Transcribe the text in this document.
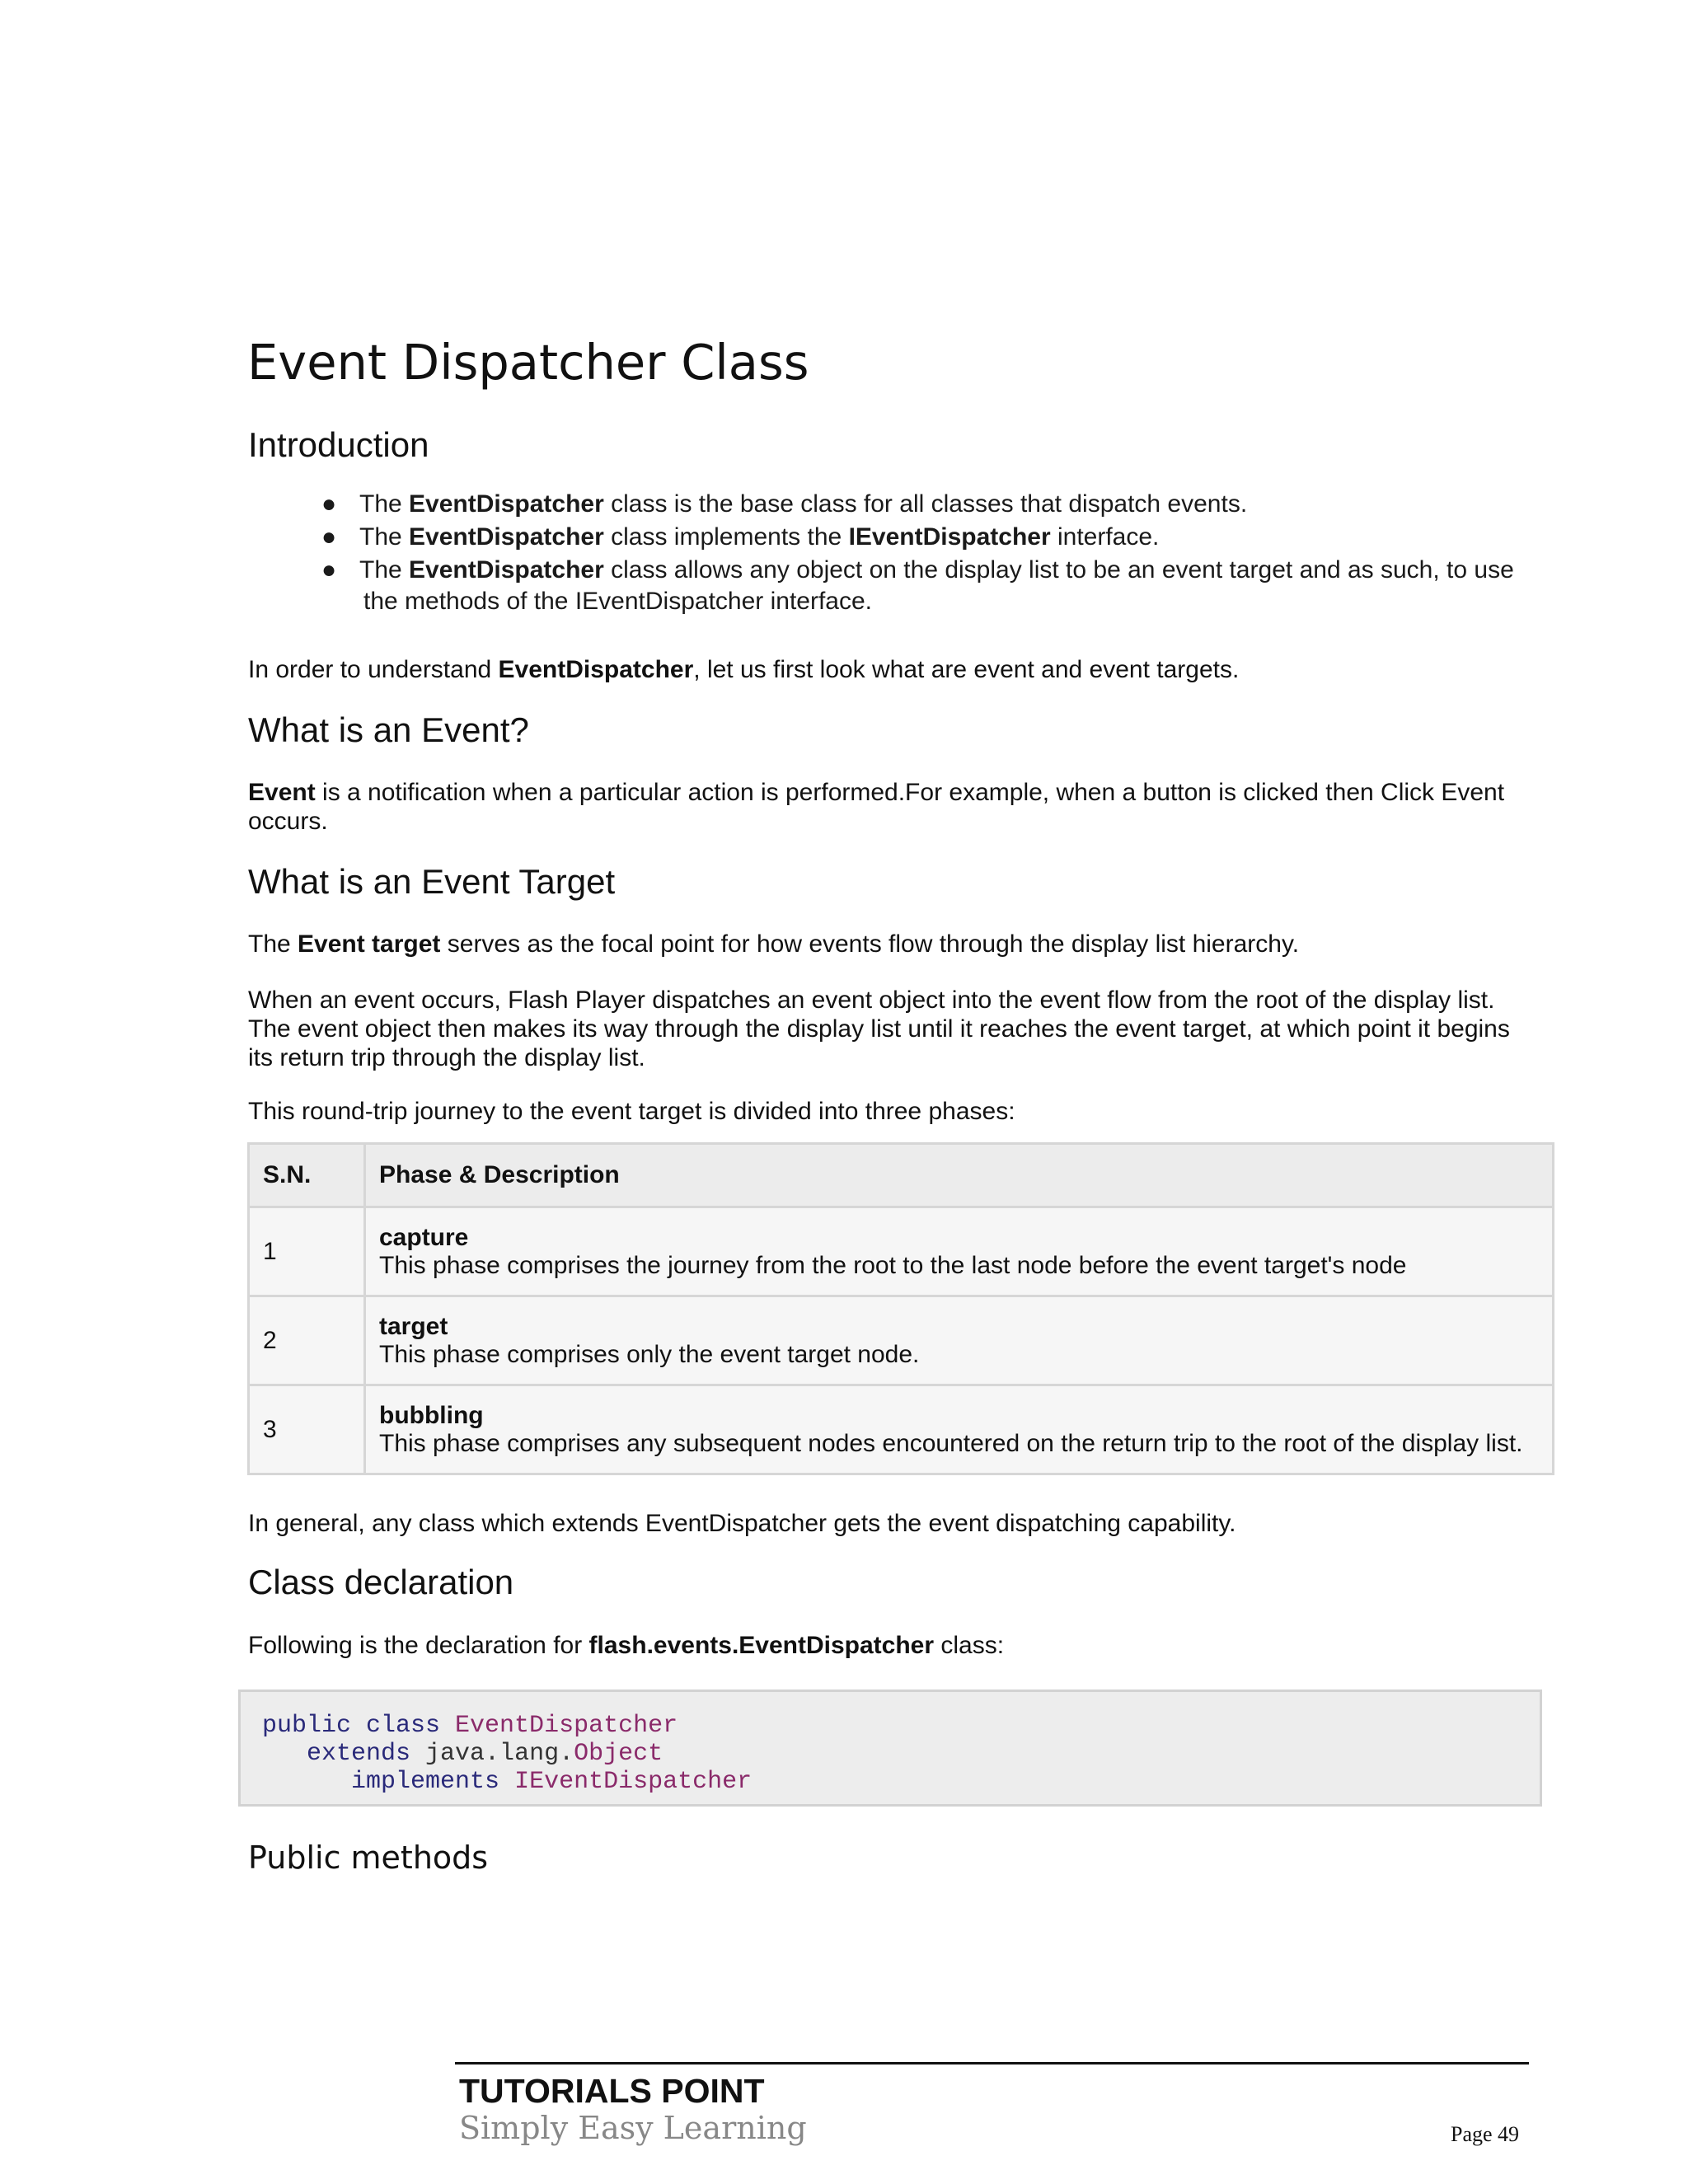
Event Dispatcher Class
Introduction
● The EventDispatcher class is the base class for all classes that dispatch events.
● The EventDispatcher class implements the IEventDispatcher interface.
● The EventDispatcher class allows any object on the display list to be an event target and as such, to use
the methods of the IEventDispatcher interface.

In order to understand EventDispatcher, let us first look what are event and event targets.

What is an Event?

Event is a notification when a particular action is performed.For example, when a button is clicked then Click Event occurs.

What is an Event Target

The Event target serves as the focal point for how events flow through the display list hierarchy.

When an event occurs, Flash Player dispatches an event object into the event flow from the root of the display list. The event object then makes its way through the display list until it reaches the event target, at which point it begins its return trip through the display list.

This round-trip journey to the event target is divided into three phases:

S.N.	Phase & Description
1	capture
This phase comprises the journey from the root to the last node before the event target's node

2	target
This phase comprises only the event target node.

3	bubbling
This phase comprises any subsequent nodes encountered on the return trip to the root of the display list.

In general, any class which extends EventDispatcher gets the event dispatching capability.

Class declaration

Following is the declaration for flash.events.EventDispatcher class:

public class EventDispatcher
extends java.lang.Object
implements IEventDispatcher
Public methods

TUTORIALS POINT

Simply Easy Learning	Page 49
